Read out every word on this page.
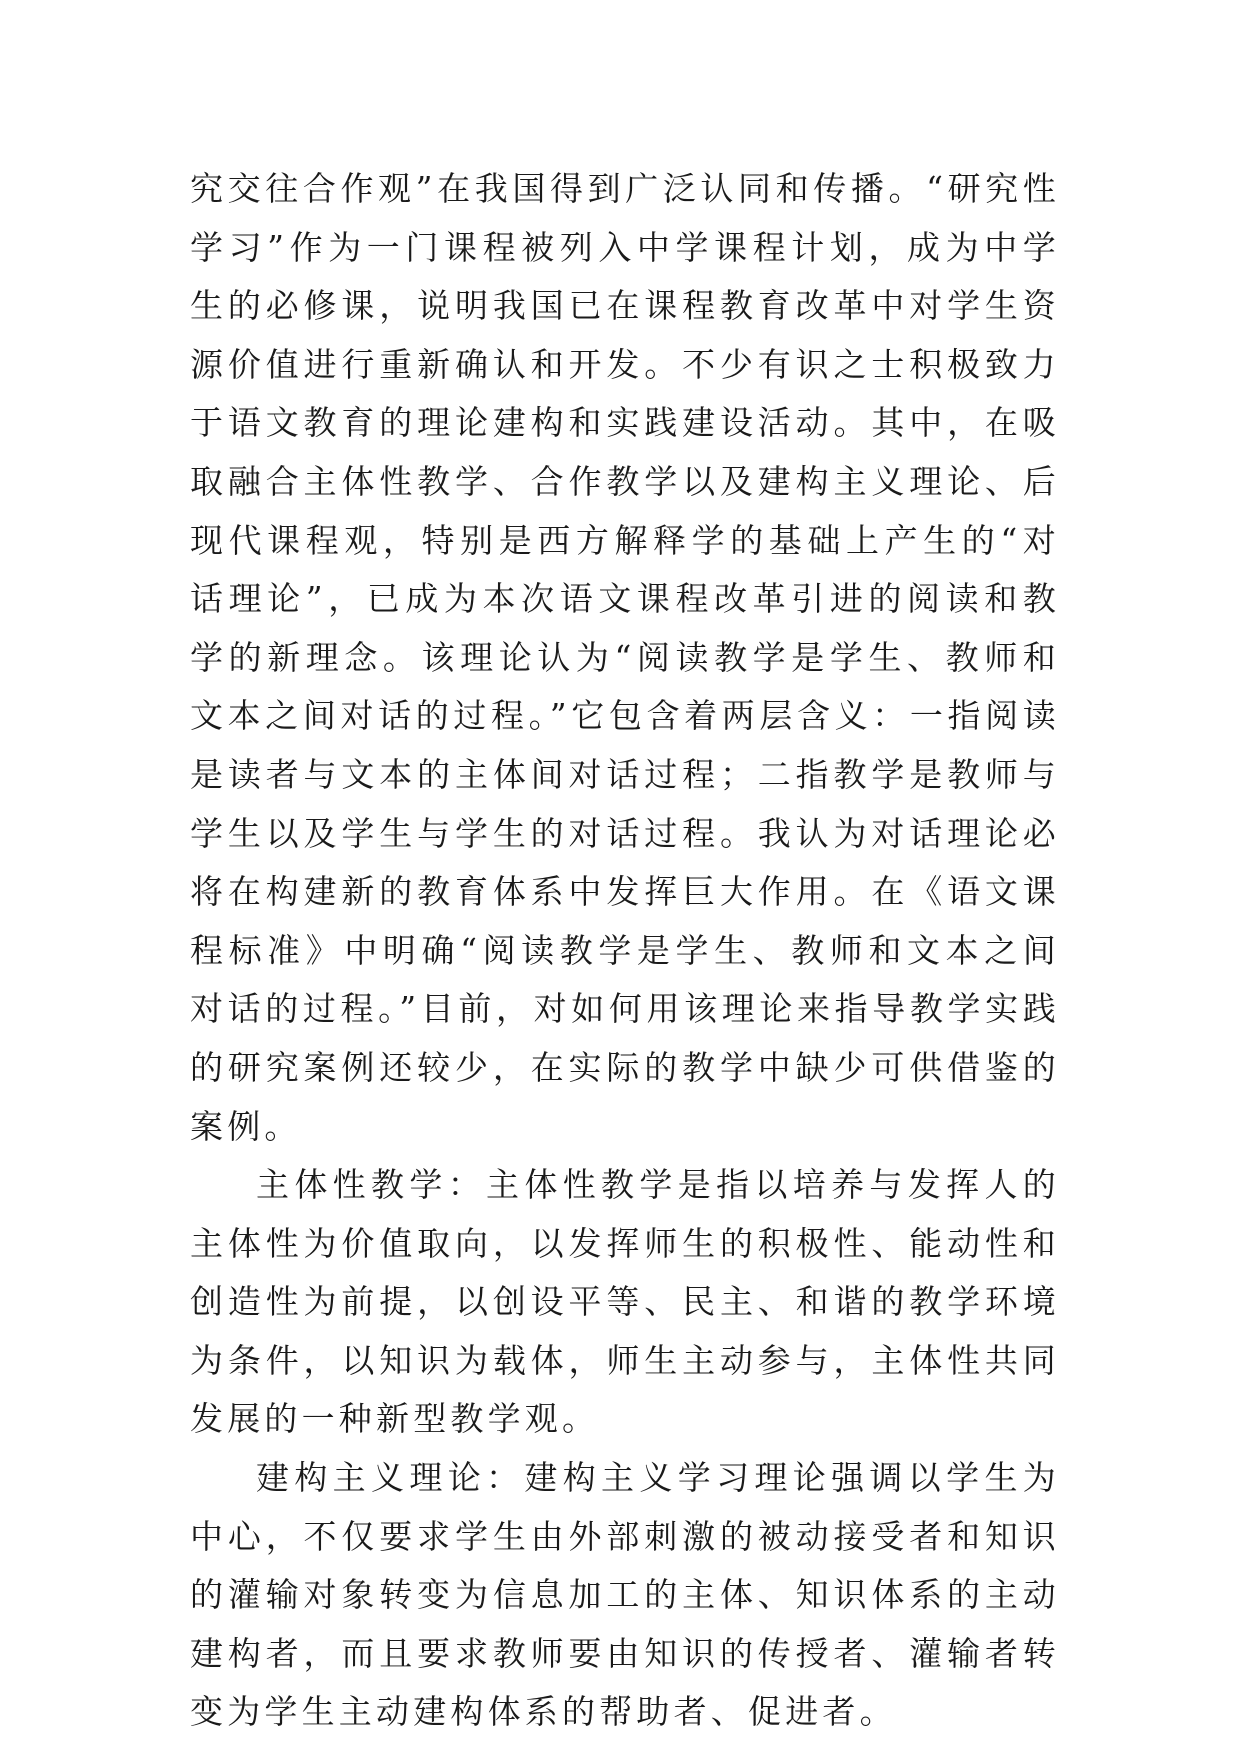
究交往合作观”在我国得到广泛认同和传播。“研究性学习”作为一门课程被列入中学课程计划，成为中学生的必修课，说明我国已在课程教育改革中对学生资源价值进行重新确认和开发。不少有识之士积极致力于语文教育的理论建构和实践建设活动。其中，在吸取融合主体性教学、合作教学以及建构主义理论、后现代课程观，特别是西方解释学的基础上产生的“对话理论”，已成为本次语文课程改革引进的阅读和教学的新理念。该理论认为“阅读教学是学生、教师和文本之间对话的过程。”它包含着两层含义：一指阅读是读者与文本的主体间对话过程；二指教学是教师与学生以及学生与学生的对话过程。我认为对话理论必将在构建新的教育体系中发挥巨大作用。在《语文课程标准》中明确“阅读教学是学生、教师和文本之间对话的过程。”目前，对如何用该理论来指导教学实践的研究案例还较少，在实际的教学中缺少可供借鉴的案例。

主体性教学：主体性教学是指以培养与发挥人的主体性为价值取向，以发挥师生的积极性、能动性和创造性为前提，以创设平等、民主、和谐的教学环境为条件，以知识为载体，师生主动参与，主体性共同发展的一种新型教学观。

建构主义理论：建构主义学习理论强调以学生为中心，不仅要求学生由外部刺激的被动接受者和知识的灌输对象转变为信息加工的主体、知识体系的主动建构者，而且要求教师要由知识的传授者、灌输者转变为学生主动建构体系的帮助者、促进者。
